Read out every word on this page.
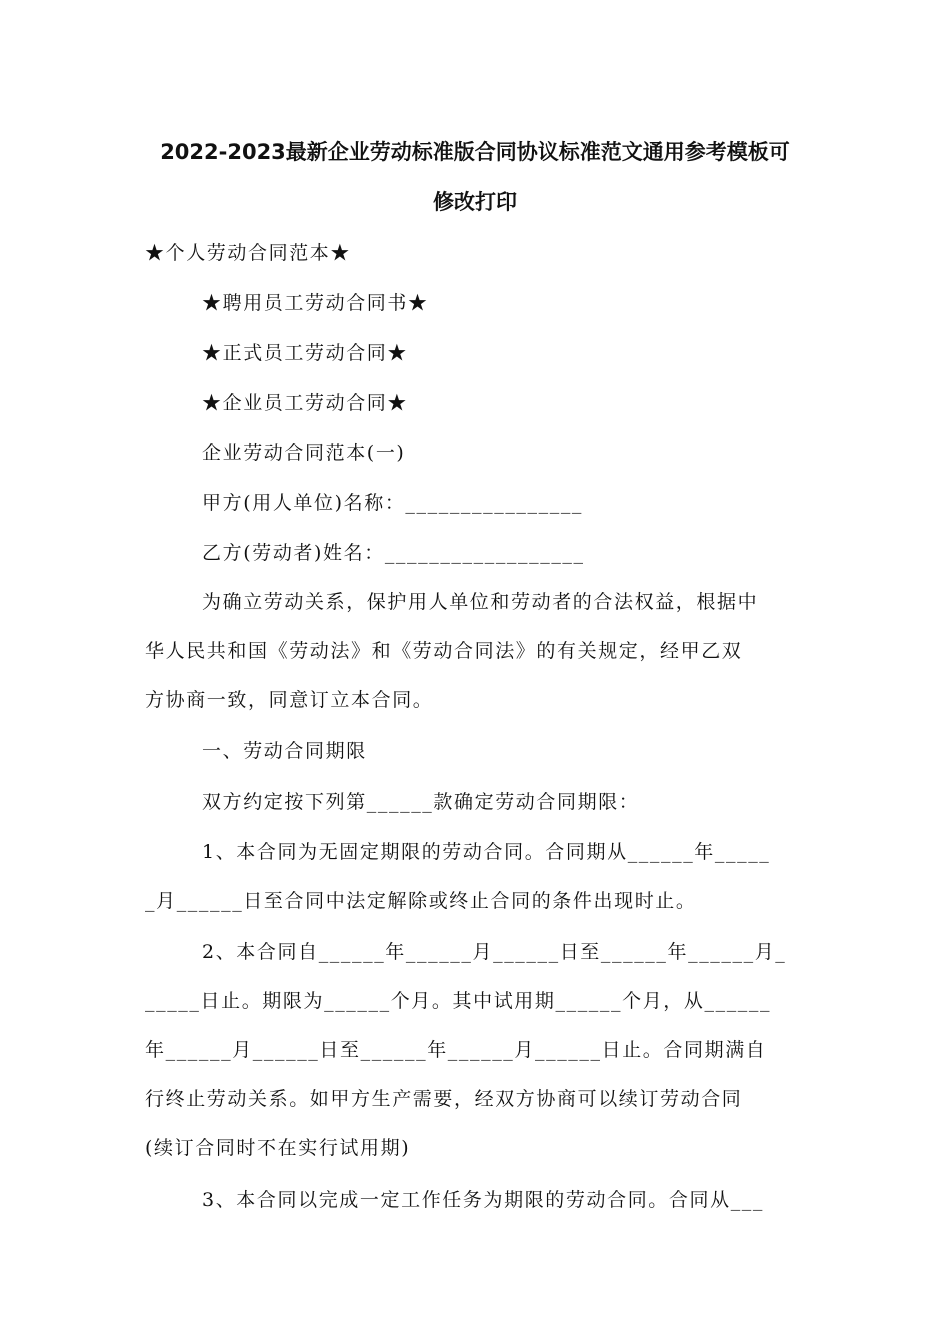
2022-2023最新企业劳动标准版合同协议标准范文通用参考模板可
修改打印
★个人劳动合同范本★
★聘用员工劳动合同书★
★正式员工劳动合同★
★企业员工劳动合同★
企业劳动合同范本(一)
甲方(用人单位)名称：________________
乙方(劳动者)姓名：__________________
为确立劳动关系，保护用人单位和劳动者的合法权益，根据中
华人民共和国《劳动法》和《劳动合同法》的有关规定，经甲乙双
方协商一致，同意订立本合同。
一、劳动合同期限
双方约定按下列第______款确定劳动合同期限：
1、本合同为无固定期限的劳动合同。合同期从______年_____
_月______日至合同中法定解除或终止合同的条件出现时止。
2、本合同自______年______月______日至______年______月_
_____日止。期限为______个月。其中试用期______个月，从______
年______月______日至______年______月______日止。合同期满自
行终止劳动关系。如甲方生产需要，经双方协商可以续订劳动合同
(续订合同时不在实行试用期)
3、本合同以完成一定工作任务为期限的劳动合同。合同从___
